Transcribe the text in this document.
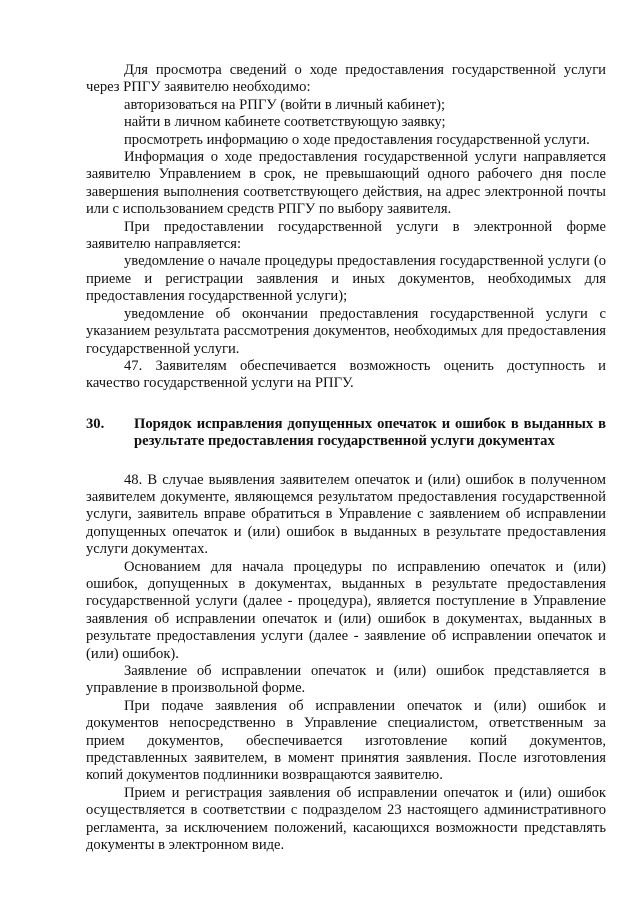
Для просмотра сведений о ходе предоставления государственной услуги через РПГУ заявителю необходимо:

авторизоваться на РПГУ (войти в личный кабинет);

найти в личном кабинете соответствующую заявку;

просмотреть информацию о ходе предоставления государственной услуги.

Информация о ходе предоставления государственной услуги направляется заявителю Управлением в срок, не превышающий одного рабочего дня после завершения выполнения соответствующего действия, на адрес электронной почты или с использованием средств РПГУ по выбору заявителя.

При предоставлении государственной услуги в электронной форме заявителю направляется:

уведомление о начале процедуры предоставления государственной услуги (о приеме и регистрации заявления и иных документов, необходимых для предоставления государственной услуги);

уведомление об окончании предоставления государственной услуги с указанием результата рассмотрения документов, необходимых для предоставления государственной услуги.

47. Заявителям обеспечивается возможность оценить доступность и качество государственной услуги на РПГУ.

30.	Порядок исправления допущенных опечаток и ошибок в выданных в результате предоставления государственной услуги документах

48. В случае выявления заявителем опечаток и (или) ошибок в полученном заявителем документе, являющемся результатом предоставления государственной услуги, заявитель вправе обратиться в Управление с заявлением об исправлении допущенных опечаток и (или) ошибок в выданных в результате предоставления услуги документах.

Основанием для начала процедуры по исправлению опечаток и (или) ошибок, допущенных в документах, выданных в результате предоставления государственной услуги (далее - процедура), является поступление в Управление заявления об исправлении опечаток и (или) ошибок в документах, выданных в результате предоставления услуги (далее - заявление об исправлении опечаток и (или) ошибок).

Заявление об исправлении опечаток и (или) ошибок представляется в управление в произвольной форме.

При подаче заявления об исправлении опечаток и (или) ошибок и документов непосредственно в Управление специалистом, ответственным за прием документов, обеспечивается изготовление копий документов, представленных заявителем, в момент принятия заявления. После изготовления копий документов подлинники возвращаются заявителю.

Прием и регистрация заявления об исправлении опечаток и (или) ошибок осуществляется в соответствии с подразделом 23 настоящего административного регламента, за исключением положений, касающихся возможности представлять документы в электронном виде.
